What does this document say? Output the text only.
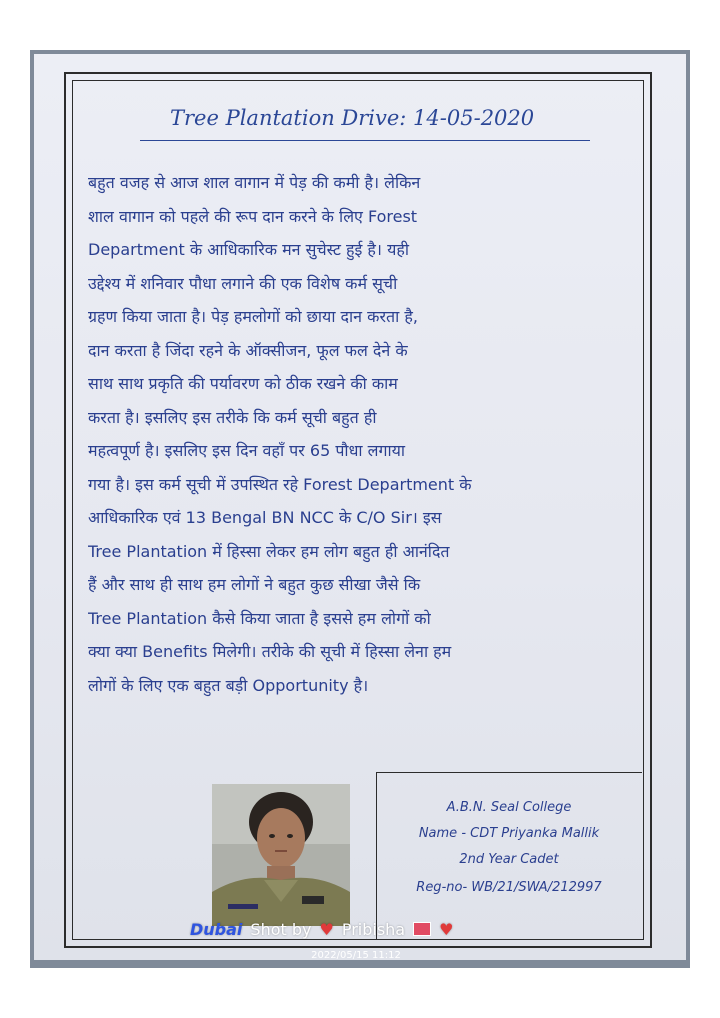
Tree Plantation Drive: 14-05-2020
बहुत वजह से आज शाल वागान में पेड़ की कमी है। लेकिन
शाल वागान को पहले की रूप दान करने के लिए Forest
Department के आधिकारिक मन सुचेस्ट हुई है। यही
उद्देश्य में शनिवार पौधा लगाने की एक विशेष कर्म सूची
ग्रहण किया जाता है। पेड़ हमलोगों को छाया दान करता है,
दान करता है जिंदा रहने के ऑक्सीजन, फूल फल देने के
साथ साथ प्रकृति की पर्यावरण को ठीक रखने की काम
करता है। इसलिए इस तरीके कि कर्म सूची बहुत ही
महत्वपूर्ण है। इसलिए इस दिन वहाँ पर 65 पौधा लगाया
गया है। इस कर्म सूची में उपस्थित रहे Forest Department के
आधिकारिक एवं 13 Bengal BN NCC के C/O Sir। इस
Tree Plantation में हिस्सा लेकर हम लोग बहुत ही आनंदित
हैं और साथ ही साथ हम लोगों ने बहुत कुछ सीखा जैसे कि
Tree Plantation कैसे किया जाता है इससे हम लोगों को
क्या क्या Benefits मिलेगी। तरीके की सूची में हिस्सा लेना हम
लोगों के लिए एक बहुत बड़ी Opportunity है।
A.B.N. Seal College
Name - CDT Priyanka Mallik
2nd Year Cadet
Reg-no- WB/21/SWA/212997
Dubai Shot by ♥ Pribisha ♥
2022/05/15 11:12
